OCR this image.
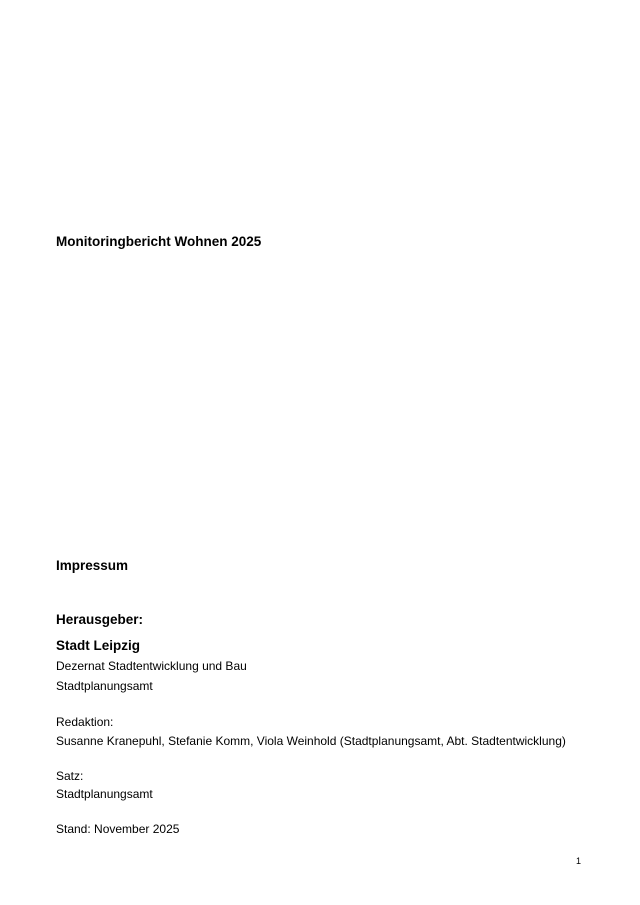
Monitoringbericht Wohnen 2025
Impressum
Herausgeber:
Stadt Leipzig
Dezernat Stadtentwicklung und Bau
Stadtplanungsamt
Redaktion:
Susanne Kranepuhl, Stefanie Komm, Viola Weinhold (Stadtplanungsamt, Abt. Stadtentwicklung)
Satz:
Stadtplanungsamt
Stand: November 2025
1
